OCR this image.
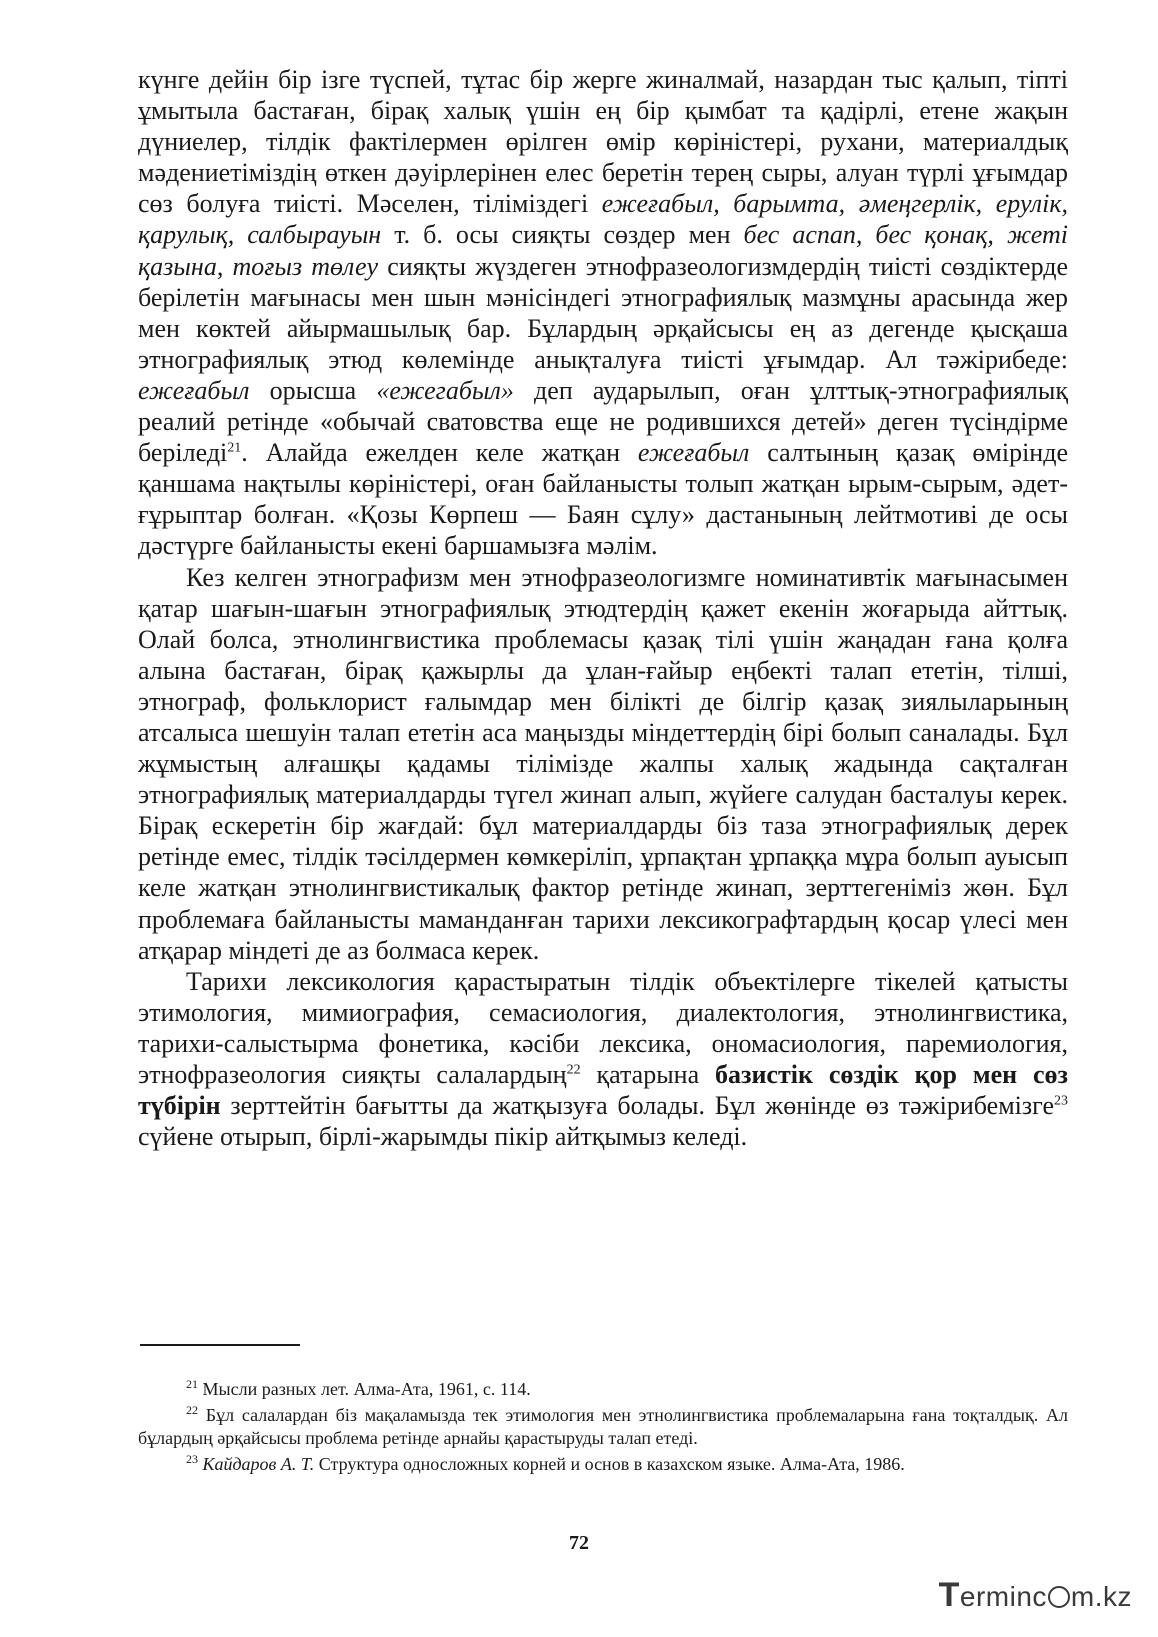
күнге дейін бір ізге түспей, тұтас бір жерге жиналмай, назардан тыс қалып, тіпті ұмытыла бастаған, бірақ халық үшін ең бір қымбат та қадірлі, етене жақын дүниелер, тілдік фактілермен өрілген өмір көріністері, рухани, материалдық мәдениетіміздің өткен дәуірлерінен елес беретін терең сыры, алуан түрлі ұғымдар сөз болуға тиісті. Мәселен, тіліміздегі ежеғабыл, барымта, әмеңгерлік, ерулік, қарулық, салбырауын т. б. осы сияқты сөздер мен бес аспап, бес қонақ, жеті қазына, тоғыз төлеу сияқты жүздеген этнофразеологизмдердің тиісті сөздіктерде берілетін мағынасы мен шын мәнісіндегі этнографиялық мазмұны арасында жер мен көктей айырмашылық бар. Бұлардың әрқайсысы ең аз дегенде қысқаша этнографиялық этюд көлемінде анықталуға тиісті ұғымдар. Ал тәжірибеде: ежеғабыл орысша «ежегабыл» деп аударылып, оған ұлттық-этнографиялық реалий ретінде «обычай сватовства еще не родившихся детей» деген түсіндірме беріледі$^{21}$. Алайда ежелден келе жатқан ежеғабыл салтының қазақ өмірінде қаншама нақтылы көріністері, оған байланысты толып жатқан ырым-сырым, әдет-ғұрыптар болған. «Қозы Көрпеш — Баян сұлу» дастанының лейтмотиві де осы дәстүрге байланысты екені баршамызға мәлім.

Кез келген этнографизм мен этнофразеологизмге номинативтік мағынасымен қатар шағын-шағын этнографиялық этюдтердің қажет екенін жоғарыда айттық. Олай болса, этнолингвистика проблемасы қазақ тілі үшін жаңадан ғана қолға алына бастаған, бірақ қажырлы да ұлан-ғайыр еңбекті талап ететін, тілші, этнограф, фольклорист ғалымдар мен білікті де білгір қазақ зиялыларының атсалыса шешуін талап ететін аса маңызды міндеттердің бірі болып саналады. Бұл жұмыстың алғашқы қадамы тілімізде жалпы халық жадында сақталған этнографиялық материалдарды түгел жинап алып, жүйеге салудан басталуы керек. Бірақ ескеретін бір жағдай: бұл материалдарды біз таза этнографиялық дерек ретінде емес, тілдік тәсілдермен көмкеріліп, ұрпақтан ұрпаққа мұра болып ауысып келе жатқан этнолингвистикалық фактор ретінде жинап, зерттегеніміз жөн. Бұл проблемаға байланысты маманданған тарихи лексикографтардың қосар үлесі мен атқарар міндеті де аз болмаса керек.

Тарихи лексикология қарастыратын тілдік объектілерге тікелей қатысты этимология, мимиография, семасиология, диалектология, этнолингвистика, тарихи-салыстырма фонетика, кәсіби лексика, ономасиология, паремиология, этнофразеология сияқты салалардың$^{22}$ қатарына базистік сөздік қор мен сөз түбірін зерттейтін бағытты да жатқызуға болады. Бұл жөнінде өз тәжірибемізге$^{23}$ сүйене отырып, бірлі-жарымды пікір айтқымыз келеді.

$^{21}$ Мысли разных лет. Алма-Ата, 1961, с. 114.

$^{22}$ Бұл салалардан біз мақаламызда тек этимология мен этнолингвистика проблемаларына ғана тоқталдық. Ал бұлардың әрқайсысы проблема ретінде арнайы қарастыруды талап етеді.

$^{23}$ Кайдаров А. Т. Структура односложных корней и основ в казахском языке. Алма-Ата, 1986.

72
Terminc m.kz
